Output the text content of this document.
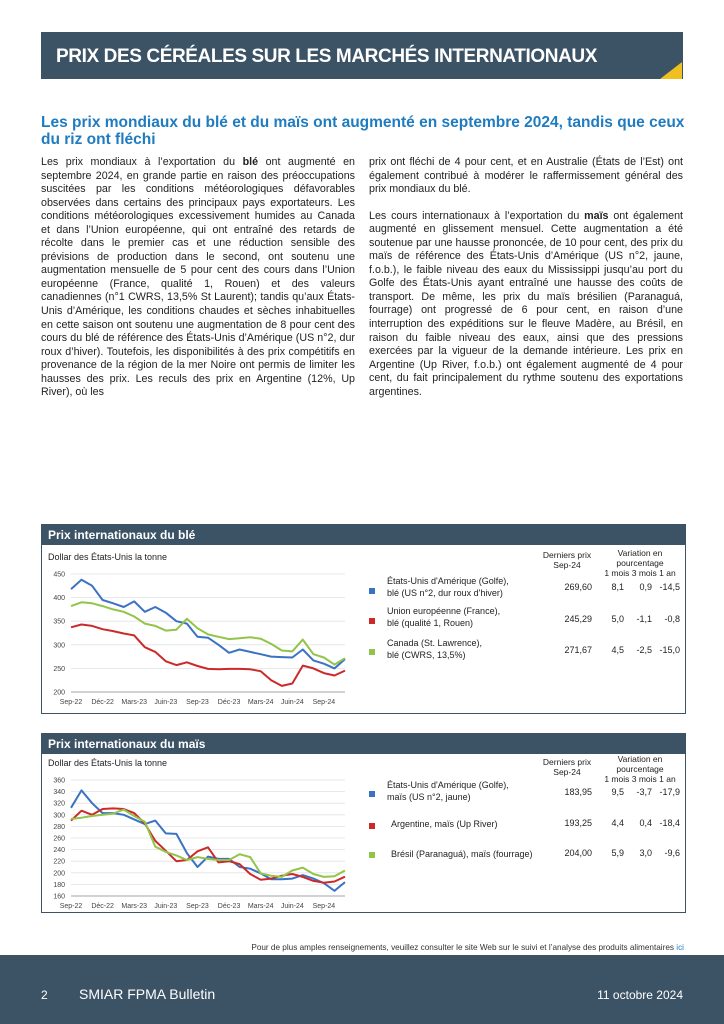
PRIX DES CÉRÉALES SUR LES MARCHÉS INTERNATIONAUX
Les prix mondiaux du blé et du maïs ont augmenté en septembre 2024, tandis que ceux du riz ont fléchi

Les prix mondiaux à l’exportation du blé ont augmenté en septembre 2024, en grande partie en raison des préoccupations suscitées par les conditions météorologiques défavorables observées dans certains des principaux pays exportateurs. Les conditions météorologiques excessivement humides au Canada et dans l’Union européenne, qui ont entraîné des retards de récolte dans le premier cas et une réduction sensible des prévisions de production dans le second, ont soutenu une augmentation mensuelle de 5 pour cent des cours dans l’Union européenne (France, qualité 1, Rouen) et des valeurs canadiennes (n°1 CWRS, 13,5% St Laurent); tandis qu’aux États-Unis d’Amérique, les conditions chaudes et sèches inhabituelles en cette saison ont soutenu une augmentation de 8 pour cent des cours du blé de référence des États-Unis d’Amérique (US n°2, dur roux d’hiver). Toutefois, les disponibilités à des prix compétitifs en provenance de la région de la mer Noire ont permis de limiter les hausses des prix. Les reculs des prix en Argentine (12%, Up River), où les

prix ont fléchi de 4 pour cent, et en Australie (États de l’Est) ont également contribué à modérer le raffermissement général des prix mondiaux du blé.

Les cours internationaux à l’exportation du maïs ont également augmenté en glissement mensuel. Cette augmentation a été soutenue par une hausse prononcée, de 10 pour cent, des prix du maïs de référence des États-Unis d’Amérique (US n°2, jaune, f.o.b.), le faible niveau des eaux du Mississippi jusqu’au port du Golfe des États-Unis ayant entraîné une hausse des coûts de transport. De même, les prix du maïs brésilien (Paranaguá, fourrage) ont progressé de 6 pour cent, en raison d’une interruption des expéditions sur le fleuve Madère, au Brésil, en raison du faible niveau des eaux, ainsi que des pressions exercées par la vigueur de la demande intérieure. Les prix en Argentine (Up River, f.o.b.) ont également augmenté de 4 pour cent, du fait principalement du rythme soutenu des exportations argentines.

Prix internationaux du blé
Dollar des États-Unis la tonne
200
250
300
350
400
450
Sep-22 Déc-22 Mars-23 Juin-23 Sep-23 Déc-23 Mars-24 Juin-24 Sep-24
Derniers prix
Sep-24
Variation en
pourcentage
1 mois 3 mois 1 an
États-Unis d'Amérique (Golfe),
blé (US n°2, dur roux d'hiver)
269,60	8,1	0,9 -14,5
Union européenne (France),
blé (qualité 1, Rouen)	245,29	5,0	-1,1	-0,8
Canada (St. Lawrence),
blé (CWRS, 13,5%)	271,67	4,5	-2,5 -15,0
Prix internationaux du maïs
Dollar des États-Unis la tonne
160
180
200
220
240
260
280
300
320
340
360
Sep-22 Déc-22 Mars-23 Juin-23 Sep-23 Déc-23 Mars-24 Juin-24 Sep-24
Derniers prix
Sep-24
Variation en
pourcentage
1 mois 3 mois 1 an
États-Unis d'Amérique (Golfe),
maïs (US n°2, jaune)	183,95	9,5	-3,7 -17,9
Argentine, maïs (Up River)	193,25	4,4	0,4 -18,4
Brésil (Paranaguá), maïs (fourrage)	204,00	5,9	3,0	-9,6
Pour de plus amples renseignements, veuillez consulter le site Web sur le suivi et l’analyse des produits alimentaires ici
2 SMIAR FPMA Bulletin	11 octobre 2024
